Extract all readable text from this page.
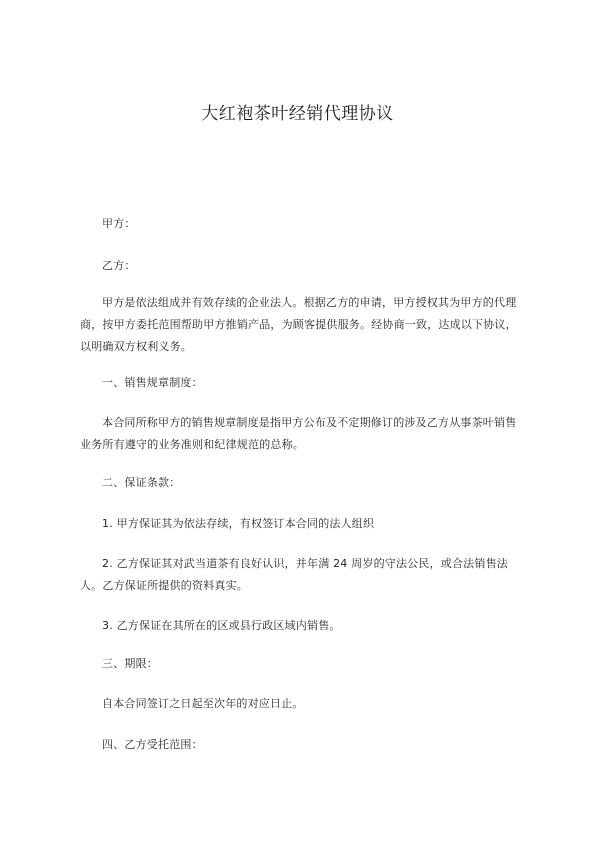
大红袍茶叶经销代理协议

甲方：

乙方：

甲方是依法组成并有效存续的企业法人。根据乙方的申请，甲方授权其为甲方的代理商，按甲方委托范围帮助甲方推销产品，为顾客提供服务。经协商一致，达成以下协议，以明确双方权利义务。

一、销售规章制度：

本合同所称甲方的销售规章制度是指甲方公布及不定期修订的涉及乙方从事茶叶销售业务所有遵守的业务准则和纪律规范的总称。

二、保证条款：

1. 甲方保证其为依法存续，有权签订本合同的法人组织

2. 乙方保证其对武当道茶有良好认识，并年满 24 周岁的守法公民，或合法销售法人。乙方保证所提供的资料真实。

3. 乙方保证在其所在的区或县行政区域内销售。

三、期限：

自本合同签订之日起至次年的对应日止。

四、乙方受托范围：
